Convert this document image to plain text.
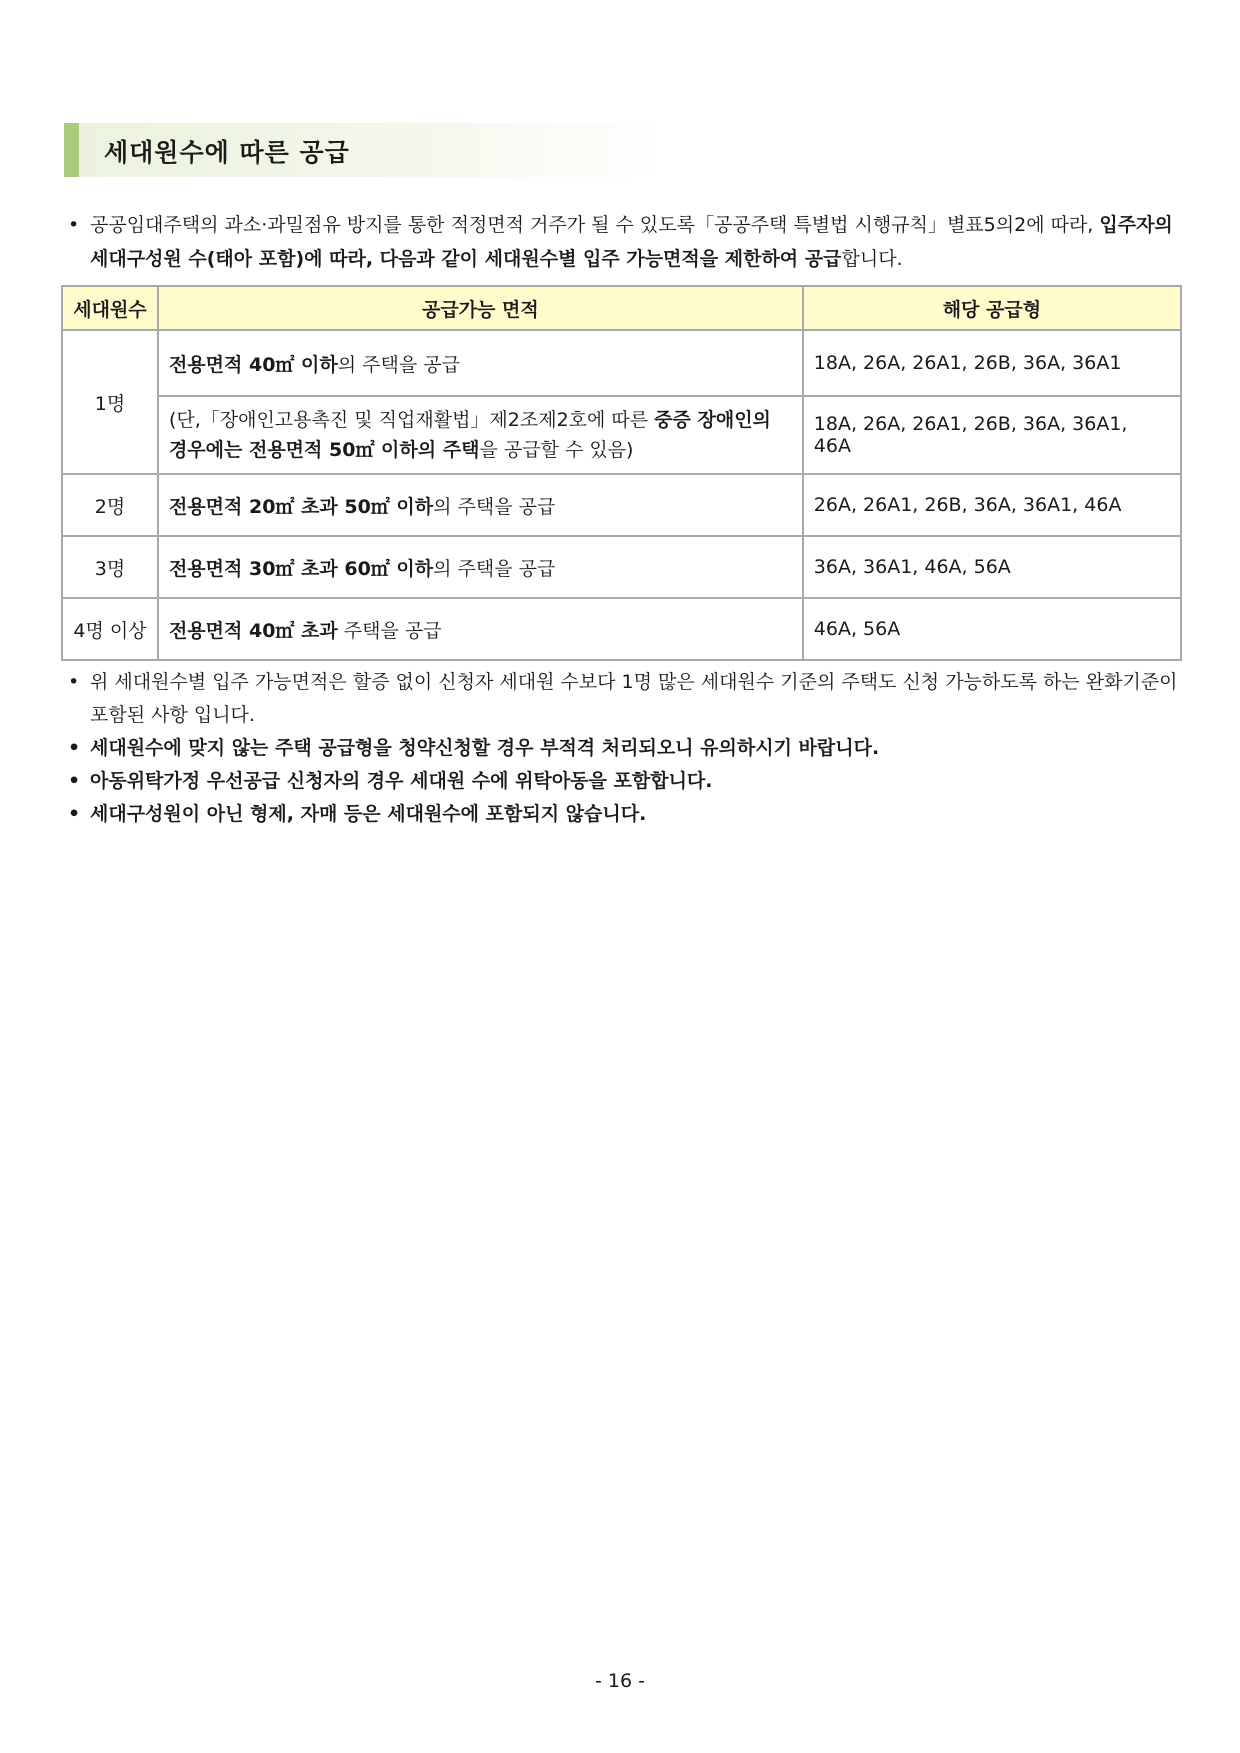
세대원수에 따른 공급
• 공공임대주택의 과소·과밀점유 방지를 통한 적정면적 거주가 될 수 있도록「공공주택 특별법 시행규칙」별표5의2에 따라, 입주자의 세대구성원 수(태아 포함)에 따라, 다음과 같이 세대원수별 입주 가능면적을 제한하여 공급합니다.
세대원수	공급가능 면적	해당 공급형
1명	전용면적 40㎡ 이하의 주택을 공급	18A, 26A, 26A1, 26B, 36A, 36A1
	(단,「장애인고용촉진 및 직업재활법」제2조제2호에 따른 중증 장애인의 경우에는 전용면적 50㎡ 이하의 주택을 공급할 수 있음)	18A, 26A, 26A1, 26B, 36A, 36A1, 46A
2명	전용면적 20㎡ 초과 50㎡ 이하의 주택을 공급	26A, 26A1, 26B, 36A, 36A1, 46A
3명	전용면적 30㎡ 초과 60㎡ 이하의 주택을 공급	36A, 36A1, 46A, 56A
4명 이상	전용면적 40㎡ 초과 주택을 공급	46A, 56A
• 위 세대원수별 입주 가능면적은 할증 없이 신청자 세대원 수보다 1명 많은 세대원수 기준의 주택도 신청 가능하도록 하는 완화기준이 포함된 사항 입니다.
• 세대원수에 맞지 않는 주택 공급형을 청약신청할 경우 부적격 처리되오니 유의하시기 바랍니다.
• 아동위탁가정 우선공급 신청자의 경우 세대원 수에 위탁아동을 포함합니다.
• 세대구성원이 아닌 형제, 자매 등은 세대원수에 포함되지 않습니다.
- 16 -
